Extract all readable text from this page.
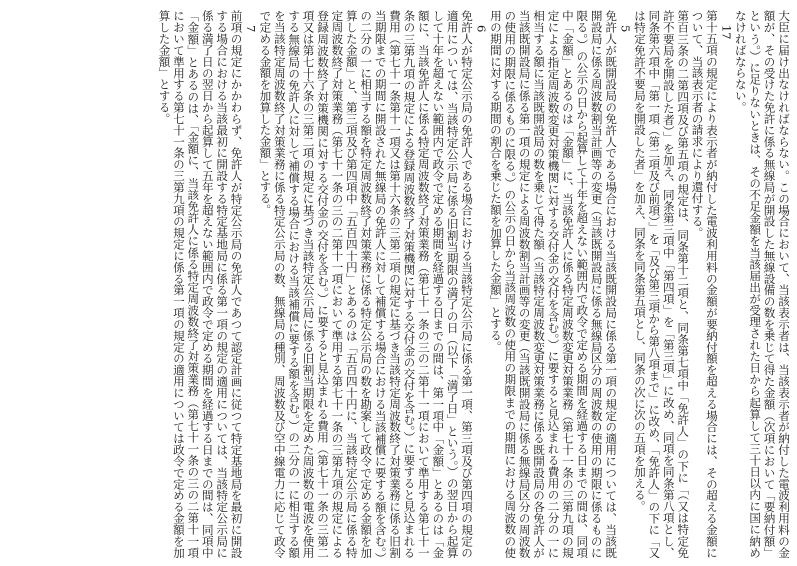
大臣に届け出なければならない。この場合において、当該表示者は、当該表示者が納付した電波利用料の金額が、その受けた免許に係る無線局が開設した無線設備の数を乗じて得た金額（次項において「要納付額」という。）に足りないときは、その不足金額を当該届出が受理された日から起算して三十日以内に国に納めなければならない。

17

第十五項の規定により表示者が納付した電波利用料の金額が要納付額を超える場合には、その超える金額について、当該表示者の請求により還付する。

第百三条の二第四項及び第五項の規定は、同条第十二項と、同条第七項中「免許人」の下に「（又は特定免許不要局を開設した者）」を加え、同条第三項中「第四項」を「第三項」に改め、同項を同条第八項とし、同条第六項中「第一項（第二項及び前項）」を「及び第三項から第八項まで」に改め、「免許人」の下に「又は特定免許不要局を開設した者」を加え、同条を同条第五項とし、同条の次に次の五項を加える。

5

免許人が既開設局の免許人である場合における当該既開設局に係る第一項の規定の適用については、当該既開設局に係る周波数割当計画等の変更（当該既開設局に係る無線局区分の周波数の使用の期限に係るものに限る。）の公示の日から起算して十年を超えない範囲内で政令で定める期間を経過する日までの間は、同項中「金額」とあるのは「金額」に、当該免許人に係る特定周波数変更対策業務（第七十一条の三第九項の規定による指定周波数変更対策機関に対する交付金の交付を含む。）に要すると見込まれる費用の二分の一に相当する額に当該既開設局の数を乗じて得た額（当該特定周波数変更対策業務に係る既開設局の各免許人が当該既開設局に係る第一項の規定による周波数割当計画等の変更（当該既開設局に係る無線局区分の周波数の使用の期限に係るものに限る。）の公示の日から当該周波数の使用の期限までの期間における周波数の使用の期間に対する期間の割合を乗じた額を加算した金額」とする。

6

免許人が特定公示局の免許人である場合における当該特定公示局に係る第一項、第三項及び第四項の規定の適用については、当該特定公示局に係る旧割当期限の満了の日（以下「満了日」という。）の翌日から起算して十年を超えない範囲内で政令で定める期間を経過する日までの間は、第一項中「金額」とあるのは「金額に、当該免許人に係る特定周波数終了対策業務（第七十一条の三の二第十一項において準用する第七十一条の三第九項の規定による登録周波数終了対策機関に対する交付金の交付を含む。）に要すると見込まれる費用（第七十一条第十一項又は第十六条の三第二項の規定に基づき当該特定周波数終了対策業務に係る旧割当期限までの期間に開設された無線局の免許人に対して補償する場合における当該補償に要する額を含む。）の二分の一に相当する額を特定周波数終了対策業務に係る特定公示局の数を勘案して政令で定める金額を加算した金額」と、第三項及び第四項中「五百四十円」とあるのは「五百四十円に、当該特定公示局に係る特定周波数終了対策業務（第七十一条の三の二第十一項において準用する第七十一条の三第九項の規定による登録周波数終了対策機関に対する交付金の交付を含む。）に要すると見込まれる費用（第七十一条の三第二項又は第七十六条の三第二項の規定に基づき当該特定公示局に係る旧割当期限を定めた周波数の電波を使用する無線局の免許人に対して補償する場合における当該補償に要する額を含む。）の二分の一に相当する額を当該特定周波数終了対策業務に係る特定公示局の数、無線局の種別、周波数及び空中線電力に応じて政令で定める金額を加算した金額」とする。

7

前項の規定にかかわらず、免許人が特定公示局の免許人であつて認定計画に従つて特定基地局を最初に開設する場合における当該最初に開設する特定基地局に係る第一項の規定の適用については、当該特定公示局に係る満了日の翌日から起算して五年を超えない範囲内で政令で定める期間を経過する日までの間は、同項中「金額」とあるのは、「金額に、当該免許人に係る特定周波数終了対策業務（第七十一条の三の二第十一項において準用する第七十一条の三第九項の規定に係る第一項の規定の適用については政令で定める金額を加算した金額」とする。
